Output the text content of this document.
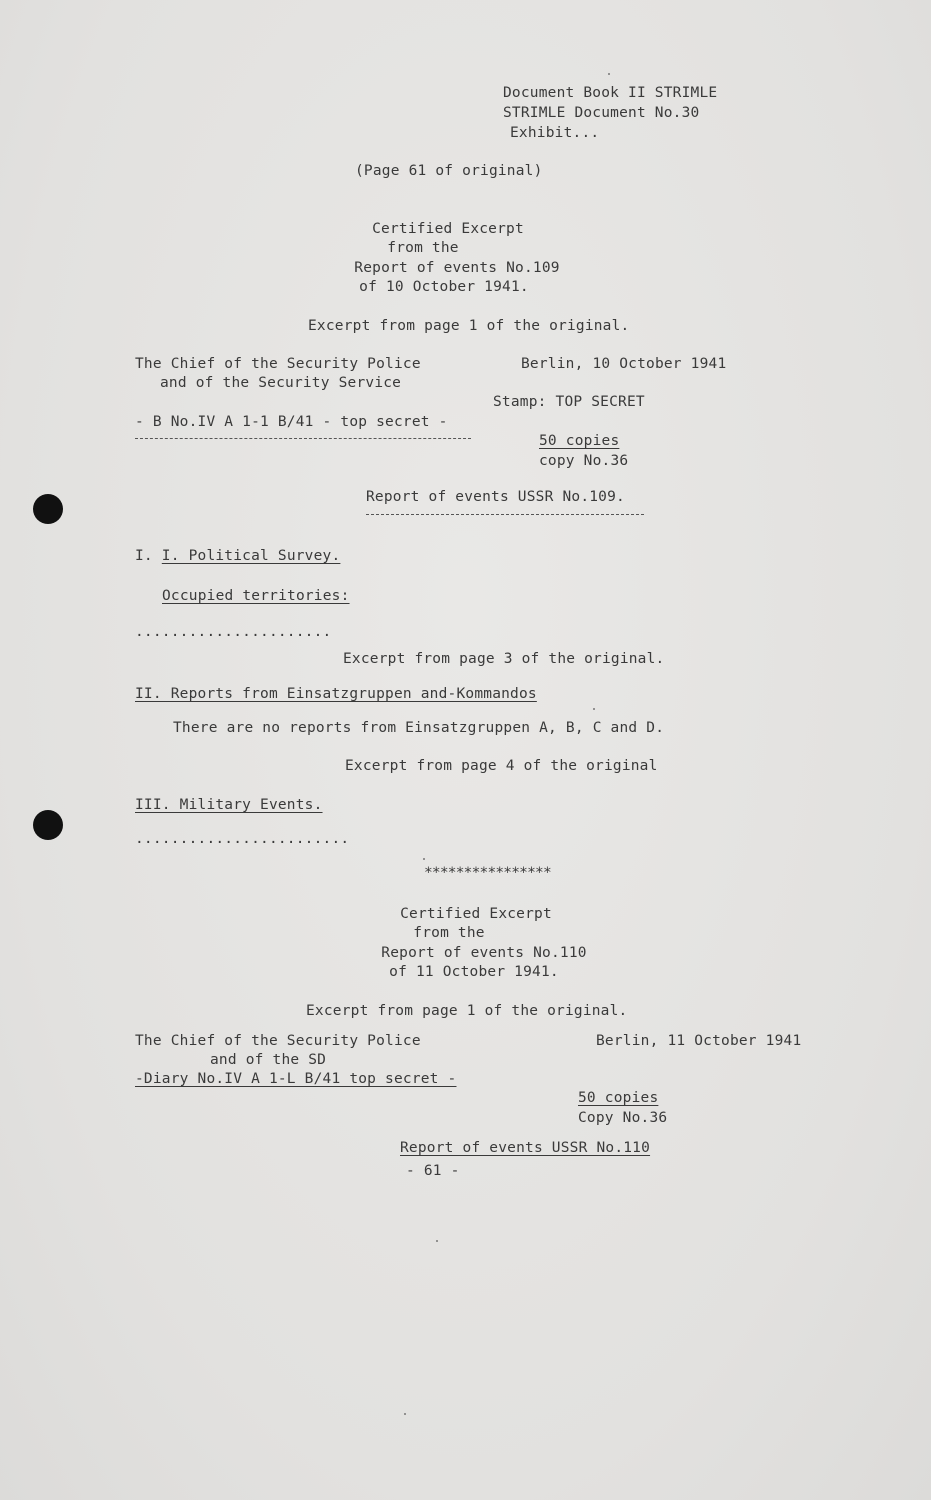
Document Book II STRIMLE
STRIMLE Document No.30
Exhibit...
(Page 61 of original)
Certified Excerpt
from the
Report of events No.109
of 10 October 1941.
Excerpt from page 1 of the original.
The Chief of the Security Police
and of the Security Service
Berlin, 10 October 1941
Stamp: TOP SECRET
- B No.IV A 1-1 B/41 - top secret -
50 copies
copy No.36
Report of events USSR No.109.
I. I. Political Survey.
Occupied territories:
......................
Excerpt from page 3 of the original.
II. Reports from Einsatzgruppen and-Kommandos
There are no reports from Einsatzgruppen A, B, C and D.
Excerpt from page 4 of the original
III. Military Events.
........................
****************
Certified Excerpt
from the
Report of events No.110
of 11 October 1941.
Excerpt from page 1 of the original.
The Chief of the Security Police
and of the SD
Berlin, 11 October 1941
-Diary No.IV A 1-L B/41 top secret -
50 copies
Copy No.36
Report of events USSR No.110
- 61 -
